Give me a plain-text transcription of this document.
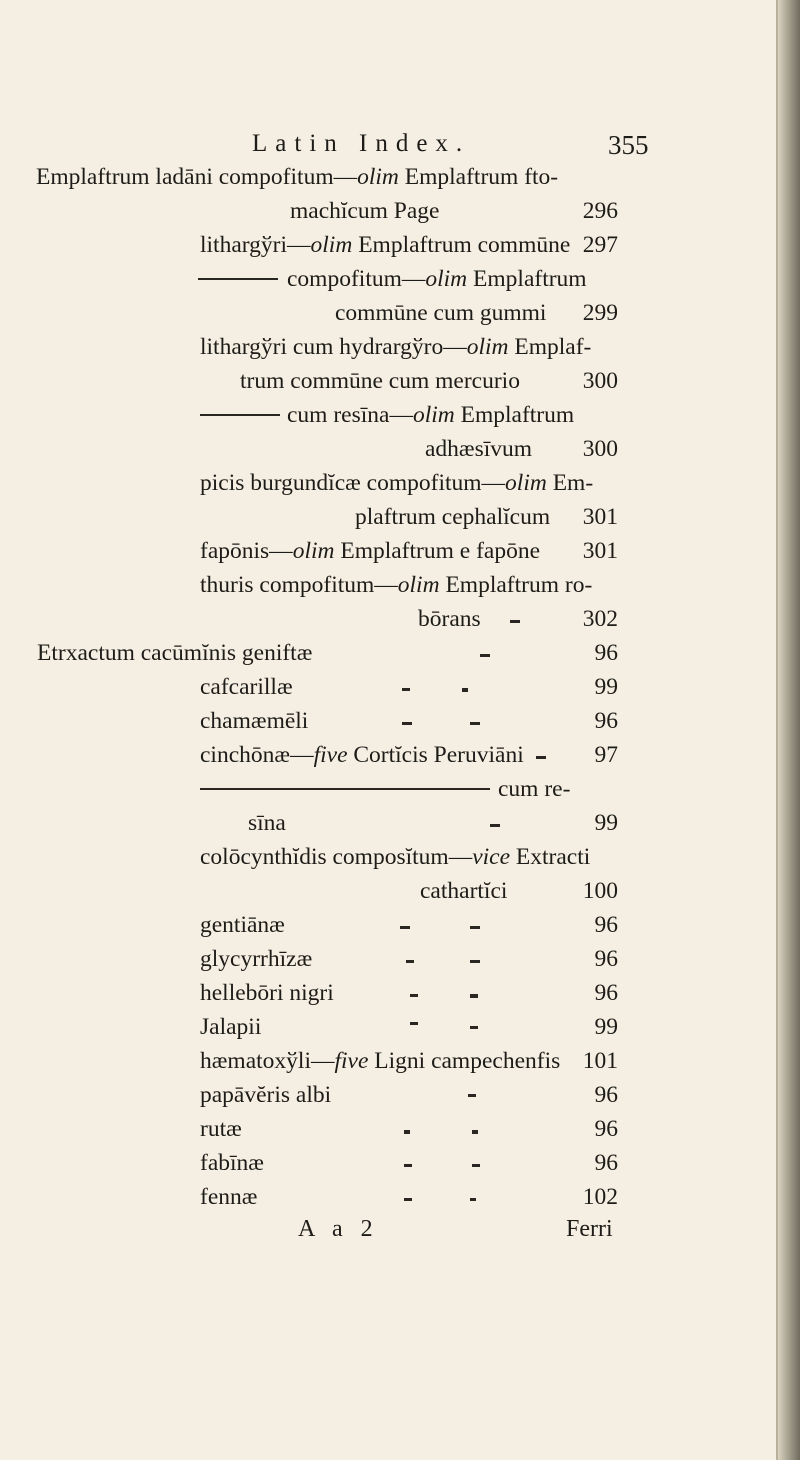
Latin Index.	355
Emplaftrum ladāni compofitum—olim Emplaftrum fto-
machĭcum Page	296
lithargўri—olim Emplaftrum commūne 297
compofitum—olim Emplaftrum
commūne cum gummi	299
lithargўri cum hydrargўro—olim Emplaf-
trum commūne cum mercurio	300
cum resīna—olim Emplaftrum
adhæsīvum	300
picis burgundĭcæ compofitum—olim Em-
plaftrum cephalĭcum	301
fapōnis—olim Emplaftrum e fapōne	301
thuris compofitum—olim Emplaftrum ro-
bōrans	302
Etrxactum cacūmĭnis geniftæ	96
cafcarillæ	99
chamæmēli	96
cinchōnæ—five Cortĭcis Peruviāni	97
cum re-
sīna	99
colōcynthĭdis composĭtum—vice Extracti
cathartĭci	100
gentiānæ	96
glycyrrhīzæ	96
hellebōri nigri	96
Jalapii	99
hæmatoxўli—five Ligni campechenfis 101
papāvĕris albi	96
rutæ	96
fabīnæ	96
fennæ	102
A a 2	Ferri
